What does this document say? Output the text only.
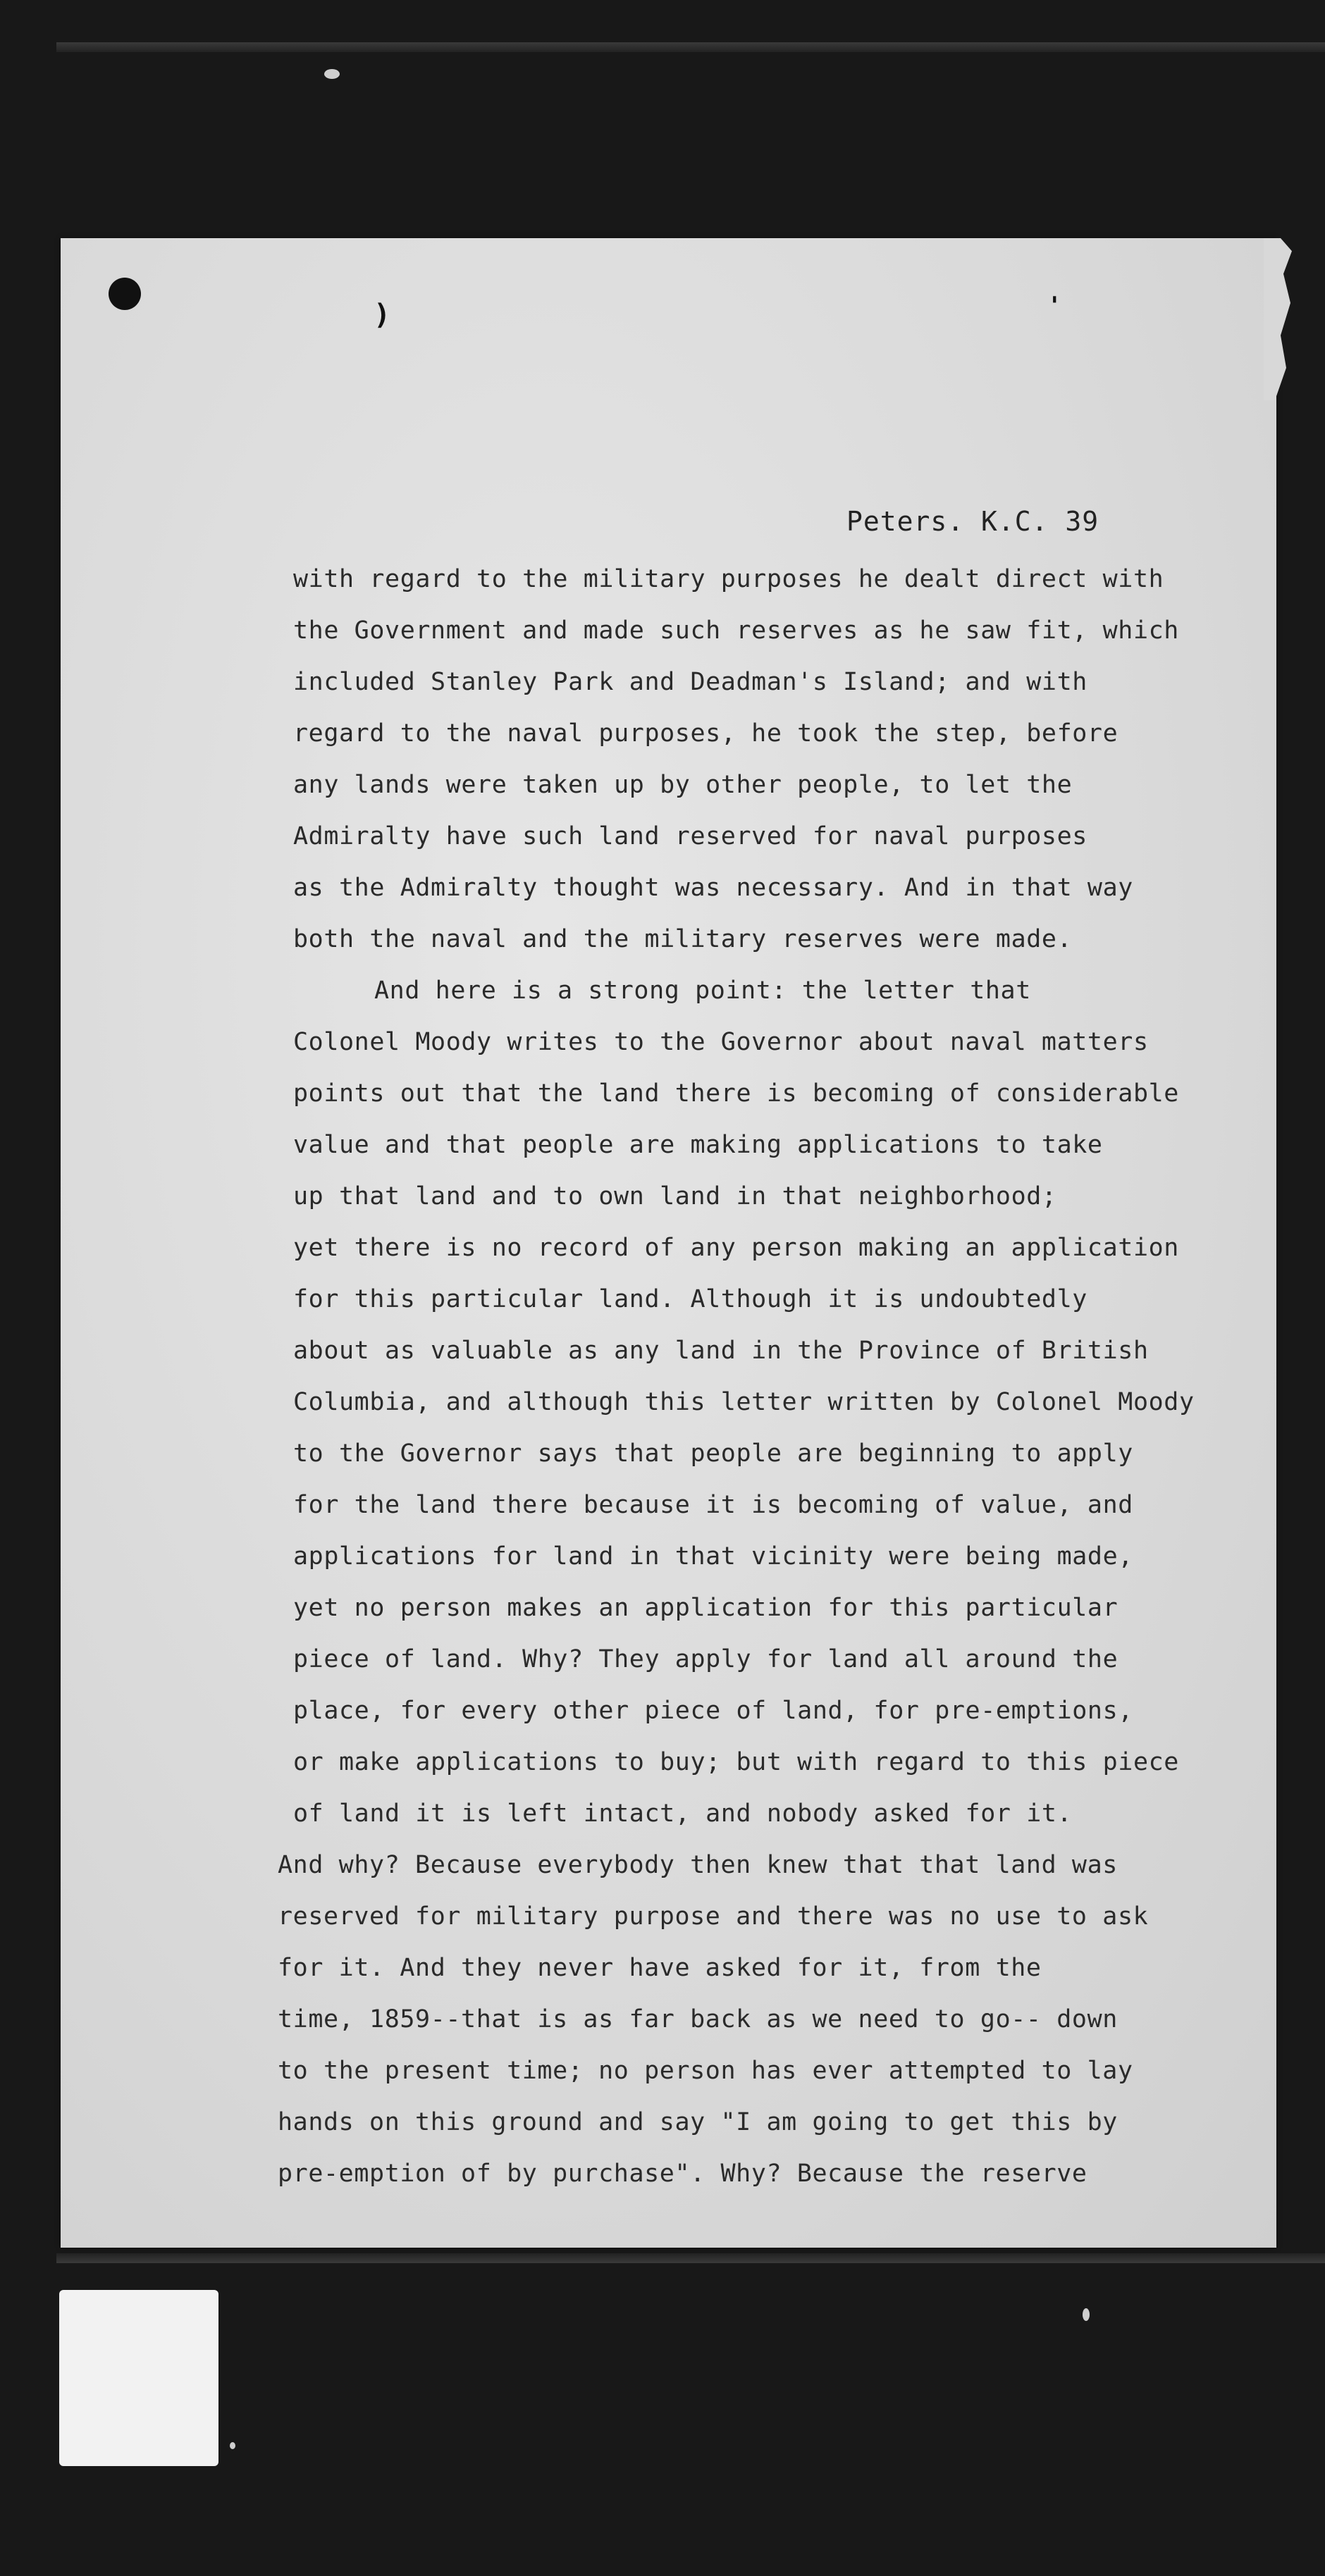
)	'
Peters. K.C. 39
with regard to the military purposes he dealt direct with
the Government and made such reserves as he saw fit, which
included Stanley Park and Deadman's Island; and with
regard to the naval purposes, he took the step, before
any lands were taken up by other people, to let the
Admiralty have such land reserved for naval purposes
as the Admiralty thought was necessary. And in that way
both the naval and the military reserves were made.
And here is a strong point: the letter that
Colonel Moody writes to the Governor about naval matters
points out that the land there is becoming of considerable
value and that people are making applications to take
up that land and to own land in that neighborhood;
yet there is no record of any person making an application
for this particular land. Although it is undoubtedly
about as valuable as any land in the Province of British
Columbia, and although this letter written by Colonel Moody
to the Governor says that people are beginning to apply
for the land there because it is becoming of value, and
applications for land in that vicinity were being made,
yet no person makes an application for this particular
piece of land. Why? They apply for land all around the
place, for every other piece of land, for pre-emptions,
or make applications to buy; but with regard to this piece
of land it is left intact, and nobody asked for it.
And why? Because everybody then knew that that land was
reserved for military purpose and there was no use to ask
for it. And they never have asked for it, from the
time, 1859--that is as far back as we need to go-- down
to the present time; no person has ever attempted to lay
hands on this ground and say "I am going to get this by
pre-emption of by purchase". Why? Because the reserve
